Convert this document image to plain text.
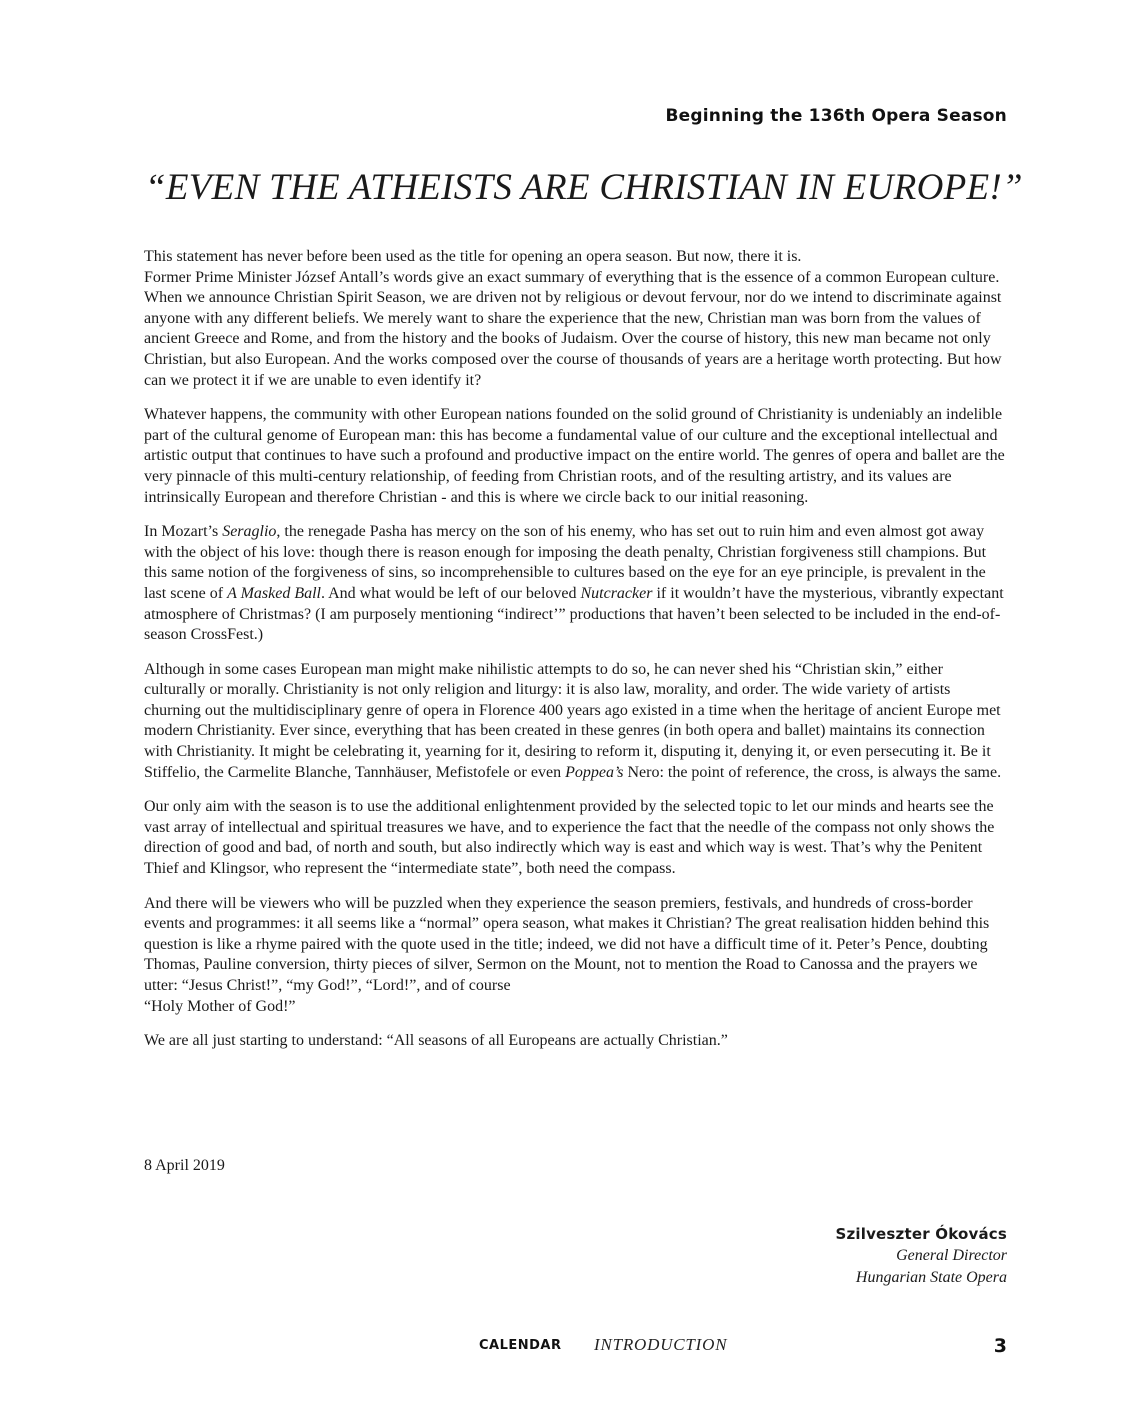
Beginning the 136th Opera Season
“EVEN THE ATHEISTS ARE CHRISTIAN IN EUROPE!”

This statement has never before been used as the title for opening an opera season. But now, there it is.

Former Prime Minister József Antall’s words give an exact summary of everything that is the essence of a common European culture. When we announce Christian Spirit Season, we are driven not by religious or devout fervour, nor do we intend to discriminate against anyone with any different beliefs. We merely want to share the experience that the new, Christian man was born from the values of ancient Greece and Rome, and from the history and the books of Judaism. Over the course of history, this new man became not only Christian, but also European. And the works composed over the course of thousands of years are a heritage worth protecting. But how can we protect it if we are unable to even identify it?

Whatever happens, the community with other European nations founded on the solid ground of Christianity is undeniably an indelible part of the cultural genome of European man: this has become a fundamental value of our culture and the exceptional intellectual and artistic output that continues to have such a profound and productive impact on the entire world. The genres of opera and ballet are the very pinnacle of this multi-century relationship, of feeding from Christian roots, and of the resulting artistry, and its values are intrinsically European and therefore Christian - and this is where we circle back to our initial reasoning.

In Mozart’s Seraglio, the renegade Pasha has mercy on the son of his enemy, who has set out to ruin him and even almost got away with the object of his love: though there is reason enough for imposing the death penalty, Christian forgiveness still champions. But this same notion of the forgiveness of sins, so incomprehensible to cultures based on the eye for an eye principle, is prevalent in the last scene of A Masked Ball. And what would be left of our beloved Nutcracker if it wouldn’t have the mysterious, vibrantly expectant atmosphere of Christmas? (I am purposely mentioning “indirect’” productions that haven’t been selected to be included in the end-of-season CrossFest.)

Although in some cases European man might make nihilistic attempts to do so, he can never shed his “Christian skin,” either culturally or morally. Christianity is not only religion and liturgy: it is also law, morality, and order. The wide variety of artists churning out the multidisciplinary genre of opera in Florence 400 years ago existed in a time when the heritage of ancient Europe met modern Christianity. Ever since, everything that has been created in these genres (in both opera and ballet) maintains its connection with Christianity. It might be celebrating it, yearning for it, desiring to reform it, disputing it, denying it, or even persecuting it. Be it Stiffelio, the Carmelite Blanche, Tannhäuser, Mefistofele or even Poppea’s Nero: the point of reference, the cross, is always the same.

Our only aim with the season is to use the additional enlightenment provided by the selected topic to let our minds and hearts see the vast array of intellectual and spiritual treasures we have, and to experience the fact that the needle of the compass not only shows the direction of good and bad, of north and south, but also indirectly which way is east and which way is west. That’s why the Penitent Thief and Klingsor, who represent the “intermediate state”, both need the compass.

And there will be viewers who will be puzzled when they experience the season premiers, festivals, and hundreds of cross-border events and programmes: it all seems like a “normal” opera season, what makes it Christian? The great realisation hidden behind this question is like a rhyme paired with the quote used in the title; indeed, we did not have a difficult time of it. Peter’s Pence, doubting Thomas, Pauline conversion, thirty pieces of silver, Sermon on the Mount, not to mention the Road to Canossa and the prayers we utter: “Jesus Christ!”, “my God!”, “Lord!”, and of course
“Holy Mother of God!”

We are all just starting to understand: “All seasons of all Europeans are actually Christian.”

8 April 2019
Szilveszter Ókovács
General Director
Hungarian State Opera
CALENDAR INTRODUCTION	3
